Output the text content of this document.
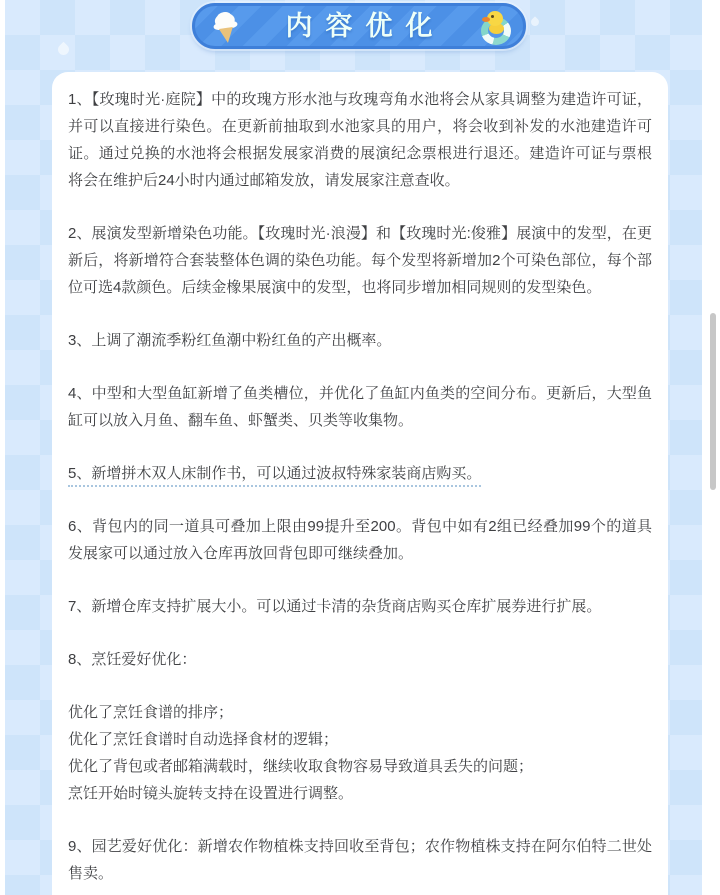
内容优化
1、【玫瑰时光·庭院】中的玫瑰方形水池与玫瑰弯角水池将会从家具调整为建造许可证，并可以直接进行染色。在更新前抽取到水池家具的用户，将会收到补发的水池建造许可证。通过兑换的水池将会根据发展家消费的展演纪念票根进行退还。建造许可证与票根将会在维护后24小时内通过邮箱发放，请发展家注意查收。
2、展演发型新增染色功能。【玫瑰时光·浪漫】和【玫瑰时光:俊雅】展演中的发型，在更新后，将新增符合套装整体色调的染色功能。每个发型将新增加2个可染色部位，每个部位可选4款颜色。后续金橡果展演中的发型，也将同步增加相同规则的发型染色。
3、上调了潮流季粉红鱼潮中粉红鱼的产出概率。
4、中型和大型鱼缸新增了鱼类槽位，并优化了鱼缸内鱼类的空间分布。更新后，大型鱼缸可以放入月鱼、翻车鱼、虾蟹类、贝类等收集物。
5、新增拼木双人床制作书，可以通过波叔特殊家装商店购买。
6、背包内的同一道具可叠加上限由99提升至200。背包中如有2组已经叠加99个的道具发展家可以通过放入仓库再放回背包即可继续叠加。
7、新增仓库支持扩展大小。可以通过卡清的杂货商店购买仓库扩展券进行扩展。
8、烹饪爱好优化：
优化了烹饪食谱的排序；
优化了烹饪食谱时自动选择食材的逻辑；
优化了背包或者邮箱满载时，继续收取食物容易导致道具丢失的问题；
烹饪开始时镜头旋转支持在设置进行调整。
9、园艺爱好优化：新增农作物植株支持回收至背包；农作物植株支持在阿尔伯特二世处售卖。
